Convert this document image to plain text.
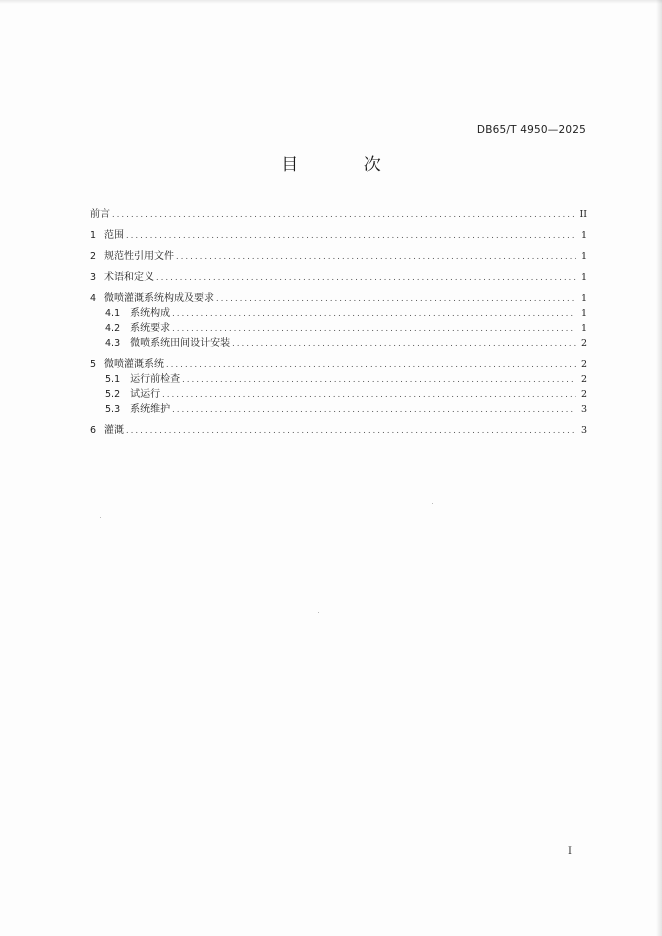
DB65/T 4950—2025
目 次
前言 .....	II
1 范围 .....	1
2 规范性引用文件 .....	1
3 术语和定义 .....	1
4 微喷灌溉系统构成及要求 .....	1
4.1 系统构成 .....	1
4.2 系统要求 .....	1
4.3 微喷系统田间设计安装 .....	2
5 微喷灌溉系统 .....	2
5.1 运行前检查 .....	2
5.2 试运行 .....	2
5.3 系统维护 .....	3
6 灌溉 .....	3
I
